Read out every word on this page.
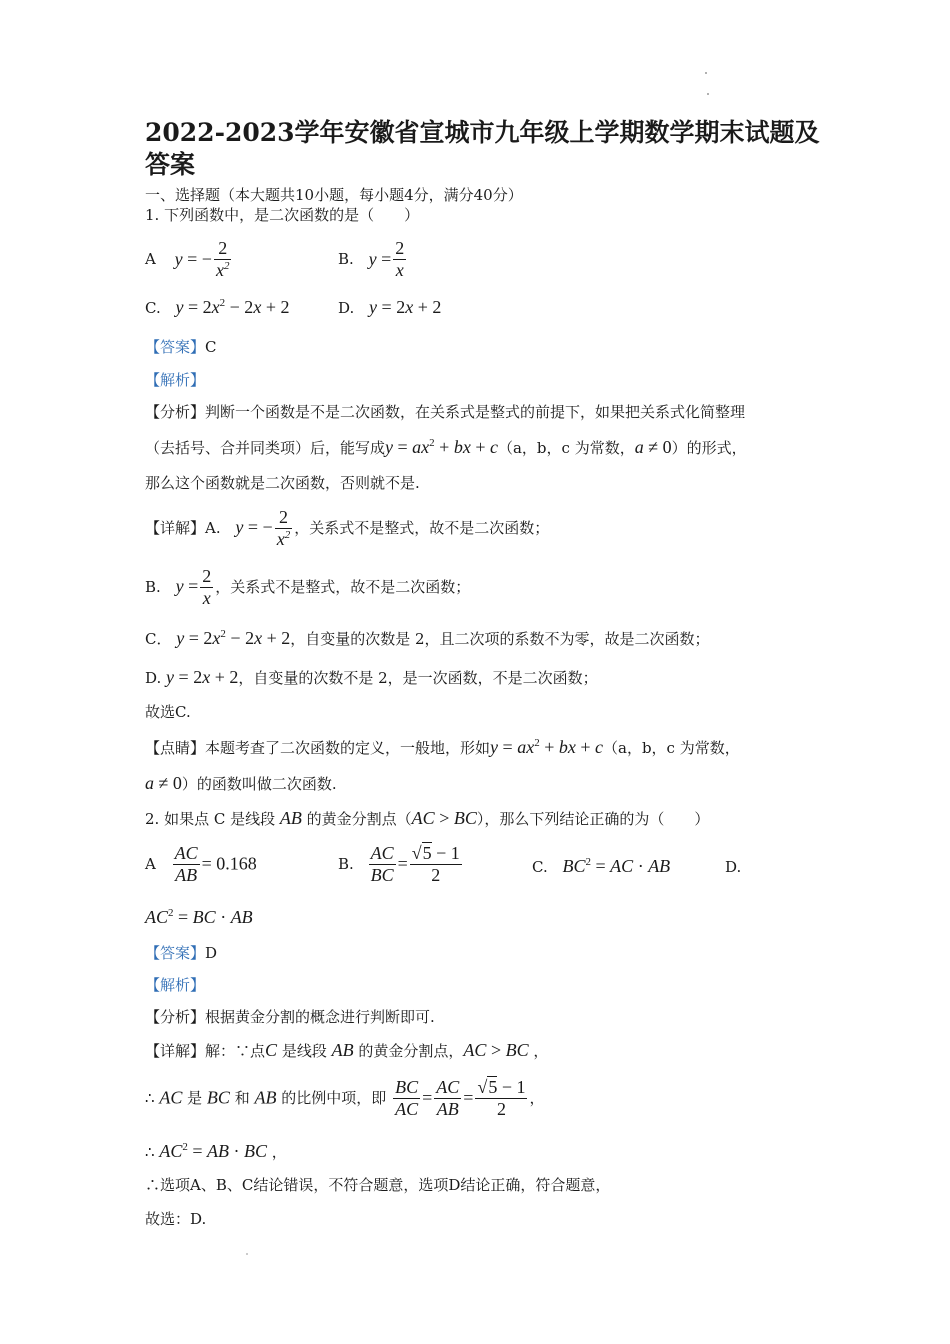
2022-2023学年安徽省宣城市九年级上学期数学期末试题及
答案
一、选择题（本大题共10小题，每小题4分，满分40分）
1. 下列函数中，是二次函数的是（　　）
A y = − $\frac{2}{x^2}$	B. $y = \frac{2}{x}$
C. $y = 2x^2 - 2x + 2$	D. y = 2x + 2
【答案】C
【解析】
【分析】判断一个函数是不是二次函数，在关系式是整式的前提下，如果把关系式化简整理
（去括号、合并同类项）后，能写成$y = ax^2$ + bx + c（a，b，c 为常数，a ≠ 0）的形式，
那么这个函数就是二次函数，否则就不是.
【详解】A. y = − $\frac{2}{x^2}$ ，关系式不是整式，故不是二次函数；
B. $y = \frac{2}{x}$ ，关系式不是整式，故不是二次函数；
C． $y = 2x^2 - 2x + 2$，自变量的次数是 2，且二次项的系数不为零，故是二次函数；
D. y = 2x + 2，自变量的次数不是 2，是一次函数，不是二次函数；
故选C.
【点睛】本题考查了二次函数的定义，一般地，形如$y = ax^2$ + bx + c（a，b，c 为常数，
a ≠ 0）的函数叫做二次函数.
2. 如果点 C 是线段 AB 的黄金分割点（AC > BC），那么下列结论正确的为（　　）
A $\frac{AC}{AB} = 0.168$	B. $\frac{AC}{BC} = \frac{√5 - 1}{2}$	C. $BC^2$ = AC · AB	D.
$AC^2$ = BC · AB
【答案】D
【解析】
【分析】根据黄金分割的概念进行判断即可.
【详解】解：∵点C 是线段 AB 的黄金分割点，AC > BC ，
∴ AC 是 BC 和 AB 的比例中项，即 $\frac{BC}{AC} = \frac{AC}{AB} = \frac{√5 - 1}{2}$ ，
∴ $AC^2$ = AB · BC ，
∴选项A、B、C结论错误，不符合题意，选项D结论正确，符合题意，
故选：D.
